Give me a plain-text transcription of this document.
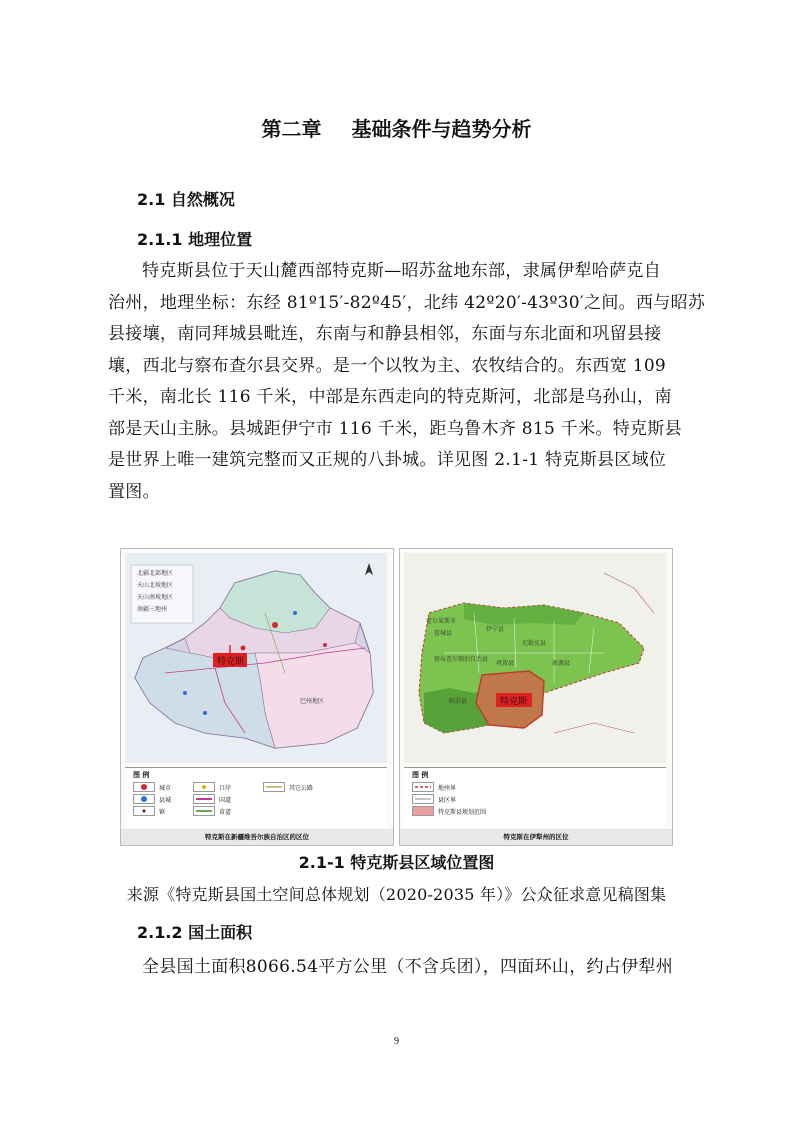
第二章 基础条件与趋势分析
2.1 自然概况
2.1.1 地理位置

特克斯县位于天山麓西部特克斯—昭苏盆地东部，隶属伊犁哈萨克自
治州，地理坐标：东经 81º15′-82º45′，北纬 42º20′-43º30′之间。西与昭苏
县接壤，南同拜城县毗连，东南与和静县相邻，东面与东北面和巩留县接
壤，西北与察布查尔县交界。是一个以牧为主、农牧结合的。东西宽 109
千米，南北长 116 千米，中部是东西走向的特克斯河，北部是乌孙山，南
部是天山主脉。县城距伊宁市 116 千米，距乌鲁木齐 815 千米。特克斯县
是世界上唯一建筑完整而又正规的八卦城。详见图 2.1-1 特克斯县区域位
置图。

北疆北部地区
天山北坡地区
天山南坡地区
南疆三地州
巴州地区
特克斯
图 例
城市
县城
镇
口岸
国道
省道
其它公路
特克斯在新疆维吾尔族自治区的区位
特克斯
霍尔果斯市
霍城县
伊宁县
尼勒克县
察布查尔锡伯自治县
巩留县	新源县
昭苏县
图 例
地州界
县区界
特克斯县规划范围
特克斯在伊犁州的区位
2.1-1 特克斯县区域位置图
来源《特克斯县国土空间总体规划（2020-2035 年）》公众征求意见稿图集
2.1.2 国土面积

全县国土面积8066.54平方公里（不含兵团），四面环山，约占伊犁州

9
